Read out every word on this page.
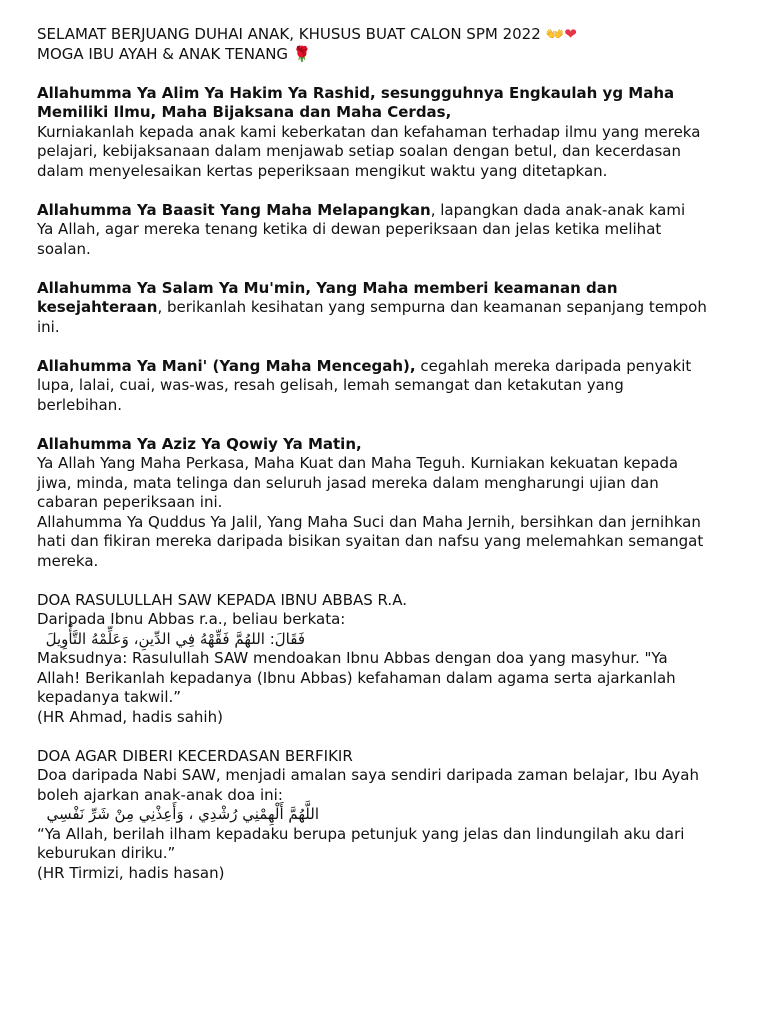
SELAMAT BERJUANG DUHAI ANAK, KHUSUS BUAT CALON SPM 2022 👐❤
MOGA IBU AYAH & ANAK TENANG 🌹
Allahumma Ya Alim Ya Hakim Ya Rashid, sesungguhnya Engkaulah yg Maha
Memiliki Ilmu, Maha Bijaksana dan Maha Cerdas,
Kurniakanlah kepada anak kami keberkatan dan kefahaman terhadap ilmu yang mereka
pelajari, kebijaksanaan dalam menjawab setiap soalan dengan betul, dan kecerdasan
dalam menyelesaikan kertas peperiksaan mengikut waktu yang ditetapkan.
Allahumma Ya Baasit Yang Maha Melapangkan, lapangkan dada anak-anak kami
Ya Allah, agar mereka tenang ketika di dewan peperiksaan dan jelas ketika melihat
soalan.
Allahumma Ya Salam Ya Mu'min, Yang Maha memberi keamanan dan
kesejahteraan, berikanlah kesihatan yang sempurna dan keamanan sepanjang tempoh
ini.
Allahumma Ya Mani' (Yang Maha Mencegah), cegahlah mereka daripada penyakit
lupa, lalai, cuai, was-was, resah gelisah, lemah semangat dan ketakutan yang
berlebihan.
Allahumma Ya Aziz Ya Qowiy Ya Matin,
Ya Allah Yang Maha Perkasa, Maha Kuat dan Maha Teguh. Kurniakan kekuatan kepada
jiwa, minda, mata telinga dan seluruh jasad mereka dalam mengharungi ujian dan
cabaran peperiksaan ini.
Allahumma Ya Quddus Ya Jalil, Yang Maha Suci dan Maha Jernih, bersihkan dan jernihkan
hati dan fikiran mereka daripada bisikan syaitan dan nafsu yang melemahkan semangat
mereka.
DOA RASULULLAH SAW KEPADA IBNU ABBAS R.A.
Daripada Ibnu Abbas r.a., beliau berkata:
فَقَالَ: اللهُمَّ فَقِّهْهُ فِي الدِّينِ، وَعَلِّمْهُ التَّأْوِيلَ
Maksudnya: Rasulullah SAW mendoakan Ibnu Abbas dengan doa yang masyhur. "Ya
Allah! Berikanlah kepadanya (Ibnu Abbas) kefahaman dalam agama serta ajarkanlah
kepadanya takwil.”
(HR Ahmad, hadis sahih)
DOA AGAR DIBERI KECERDASAN BERFIKIR
Doa daripada Nabi SAW, menjadi amalan saya sendiri daripada zaman belajar, Ibu Ayah
boleh ajarkan anak-anak doa ini:
اللَّهُمَّ أَلْهِمْنِي رُشْدِي ، وَأَعِذْنِي مِنْ شَرِّ نَفْسِي
“Ya Allah, berilah ilham kepadaku berupa petunjuk yang jelas dan lindungilah aku dari
keburukan diriku.”
(HR Tirmizi, hadis hasan)
